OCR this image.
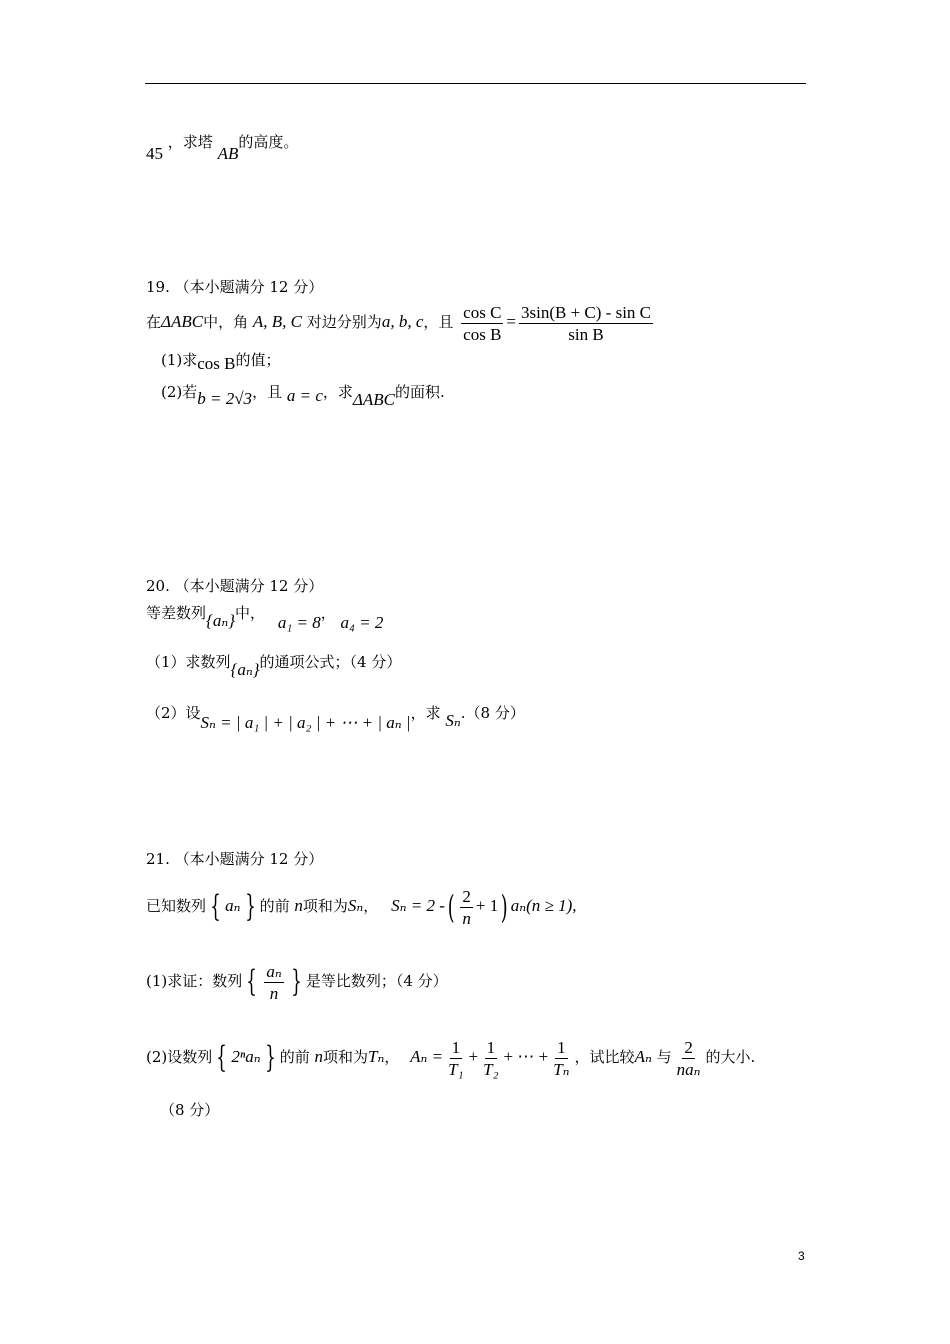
45 ，求塔 AB的高度。
19. （本小题满分 12 分）
在ΔABC中，角 A, B, C 对边分别为a, b, c，且 $\frac{\text{cos C}}{\text{cos B}} = \frac{\text{3sin(B + C) - sin C}}{\text{sin B}}$
(1)求cos B的值；
(2)若b = 2√3，且 a = c，求ΔABC的面积.
20. （本小题满分 12 分）
等差数列{aₙ}中， a₁ = 8， a₄ = 2
（1）求数列{aₙ}的通项公式；（4 分）
（2）设Sₙ = | a₁ | + | a₂ | + ⋯ + | aₙ |，求 Sₙ.（8 分）
21. （本小题满分 12 分）
已知数列 { aₙ } 的前 n项和为Sₙ， Sₙ = 2 -( $\frac{2}{n} + 1$) aₙ(n ≥ 1),
(1)求证：数列 { $\frac{\text{aₙ}}{n}$ } 是等比数列；（4 分）
(2)设数列 { 2ⁿaₙ } 的前 n项和为Tₙ， $A_n = \frac{1}{\text{T₁}} + \frac{1}{\text{T₂}}$ + ⋯ + $\frac{1}{\text{Tₙ}}$ ，试比较Aₙ 与 $\frac{2}{\text{naₙ}}$ 的大小.
（8 分）
3
